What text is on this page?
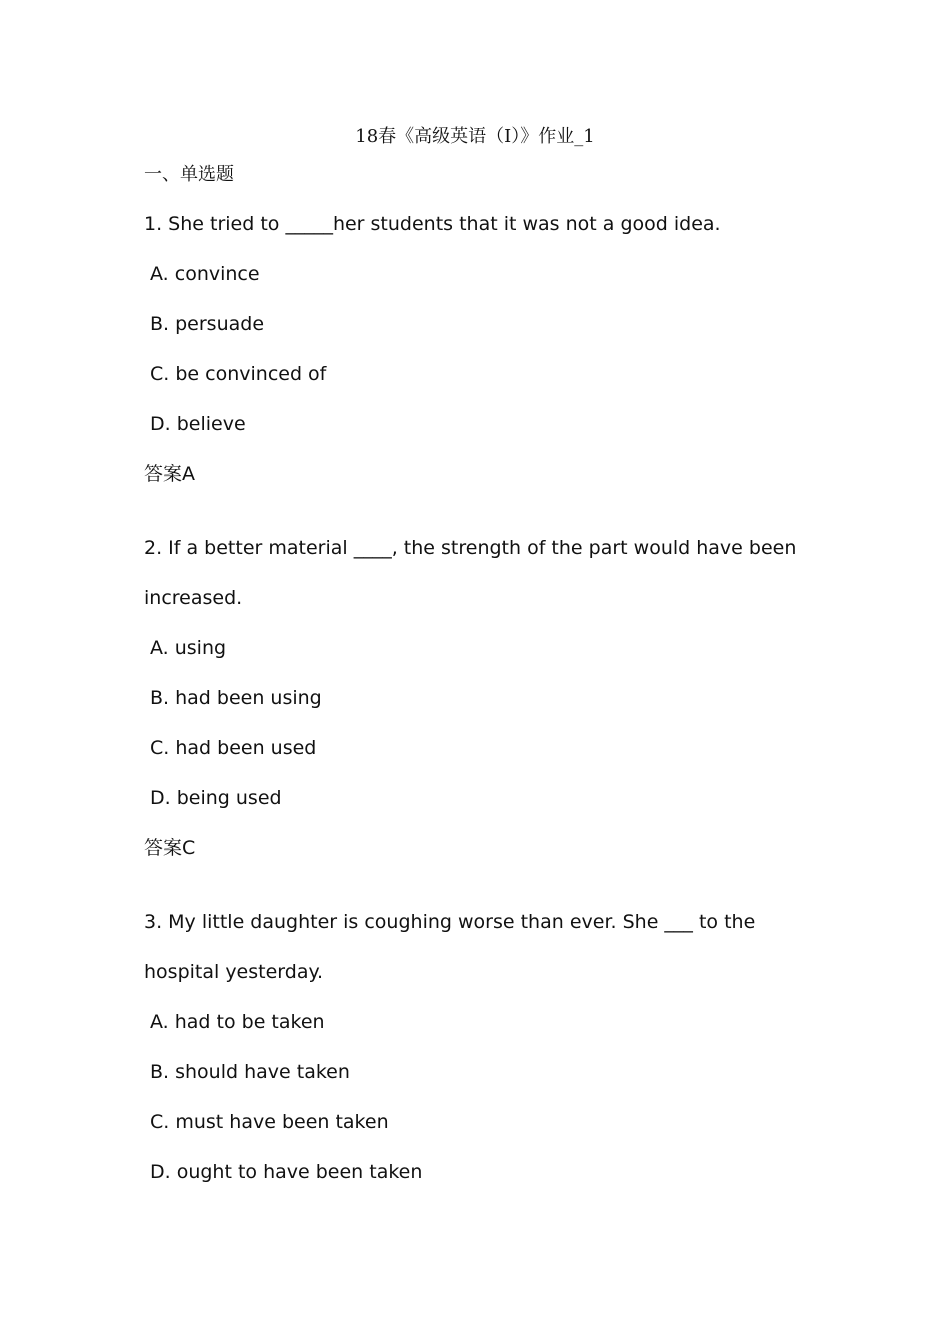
18春《高级英语（I）》作业_1
一、单选题

1. She tried to _____her students that it was not a good idea.

A. convince

B. persuade

C. be convinced of

D. believe

答案A

2. If a better material ____, the strength of the part would have been increased.

A. using

B. had been using

C. had been used

D. being used

答案C

3. My little daughter is coughing worse than ever. She ___ to the hospital yesterday.

A. had to be taken

B. should have taken

C. must have been taken

D. ought to have been taken
